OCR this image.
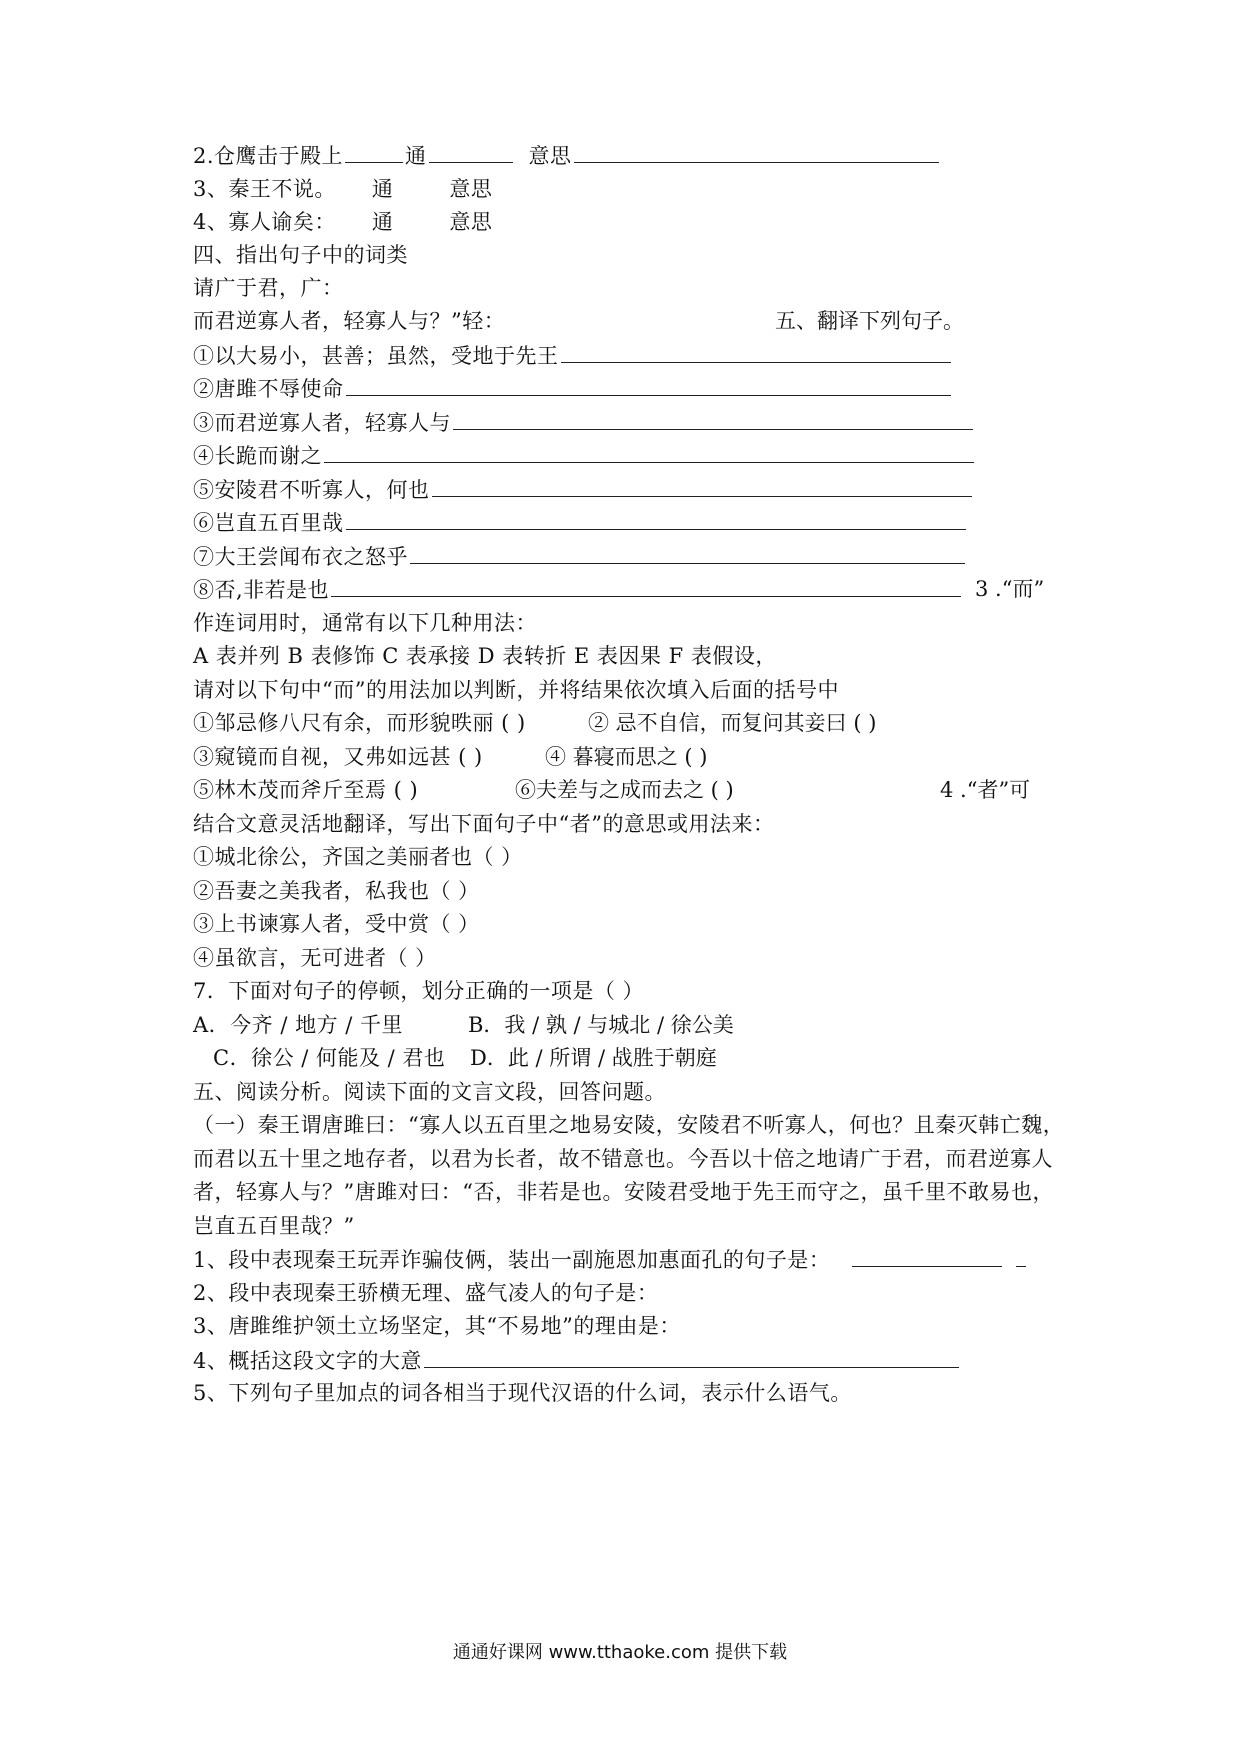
2.仓鹰击于殿上	通	意思
3、秦王不说。 通	意思
4、寡人谕矣： 通	意思
四、指出句子中的词类
请广于君，广：
而君逆寡人者，轻寡人与？”轻：	五、翻译下列句子。
①以大易小，甚善；虽然，受地于先王
②唐雎不辱使命
③而君逆寡人者，轻寡人与
④长跪而谢之
⑤安陵君不听寡人，何也
⑥岂直五百里哉
⑦大王尝闻布衣之怒乎
⑧否,非若是也	3 .“而”
作连词用时，通常有以下几种用法：
A 表并列 B 表修饰 C 表承接 D 表转折 E 表因果 F 表假设，
请对以下句中“而”的用法加以判断，并将结果依次填入后面的括号中
①邹忌修八尺有余，而形貌昳丽 ( )	② 忌不自信，而复问其妾曰 ( )
③窥镜而自视，又弗如远甚 ( )	④ 暮寝而思之 ( )
⑤林木茂而斧斤至焉 ( )	⑥夫差与之成而去之 ( )	4 .“者”可
结合文意灵活地翻译，写出下面句子中“者”的意思或用法来：
①城北徐公，齐国之美丽者也（ ）
②吾妻之美我者，私我也（ ）
③上书谏寡人者，受中赏（ ）
④虽欲言，无可进者（ ）
7．下面对句子的停顿，划分正确的一项是（ ）
A．今齐 / 地方 / 千里	B．我 / 孰 / 与城北 / 徐公美
C．徐公 / 何能及 / 君也 D．此 / 所谓 / 战胜于朝庭
五、阅读分析。阅读下面的文言文段，回答问题。
（一）秦王谓唐雎曰：“寡人以五百里之地易安陵，安陵君不听寡人，何也？且秦灭韩亡魏，
而君以五十里之地存者，以君为长者，故不错意也。今吾以十倍之地请广于君，而君逆寡人
者，轻寡人与？”唐雎对曰：“否，非若是也。安陵君受地于先王而守之，虽千里不敢易也，
岂直五百里哉？”
1、段中表现秦王玩弄诈骗伎俩，装出一副施恩加惠面孔的句子是：
2、段中表现秦王骄横无理、盛气凌人的句子是：
3、唐雎维护领土立场坚定，其“不易地”的理由是：
4、概括这段文字的大意
5、下列句子里加点的词各相当于现代汉语的什么词，表示什么语气。
通通好课网 www.tthaoke.com 提供下载
